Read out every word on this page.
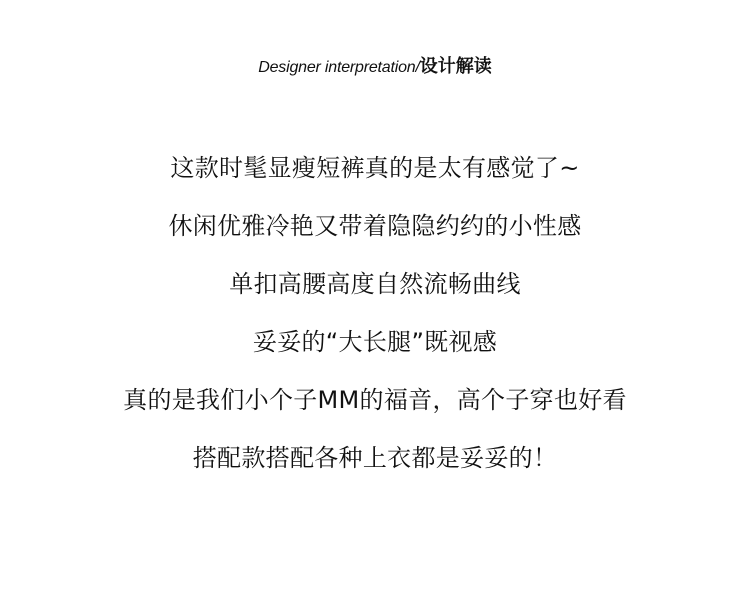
Designer interpretation/设计解读
这款时髦显瘦短裤真的是太有感觉了~
休闲优雅冷艳又带着隐隐约约的小性感
单扣高腰高度自然流畅曲线
妥妥的“大长腿”既视感
真的是我们小个子MM的福音，高个子穿也好看
搭配款搭配各种上衣都是妥妥的！
